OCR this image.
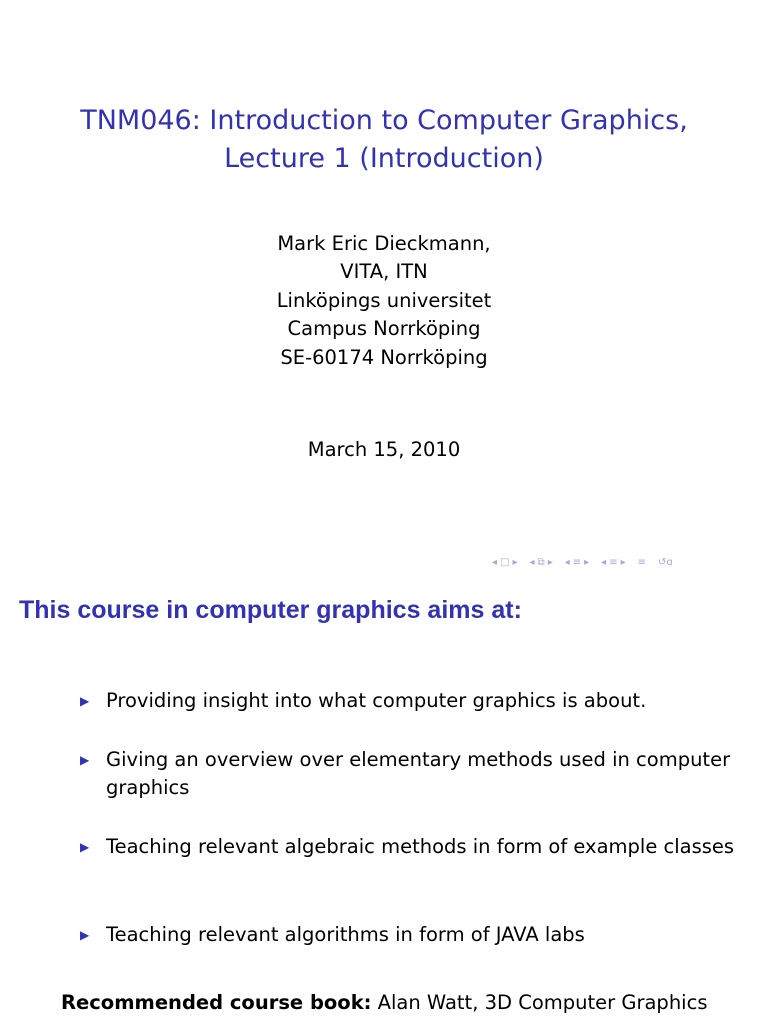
TNM046: Introduction to Computer Graphics,
Lecture 1 (Introduction)
Mark Eric Dieckmann,
VITA, ITN
Linköpings universitet
Campus Norrköping
SE-60174 Norrköping
March 15, 2010
◂ □ ▸ ◂ ⧉ ▸ ◂ ≡ ▸ ◂ ≡ ▸ ≡ ↺ɑ
This course in computer graphics aims at:
▶ Providing insight into what computer graphics is about.
▶ Giving an overview over elementary methods used in computer graphics
▶ Teaching relevant algebraic methods in form of example classes
▶ Teaching relevant algorithms in form of JAVA labs
Recommended course book: Alan Watt, 3D Computer Graphics
